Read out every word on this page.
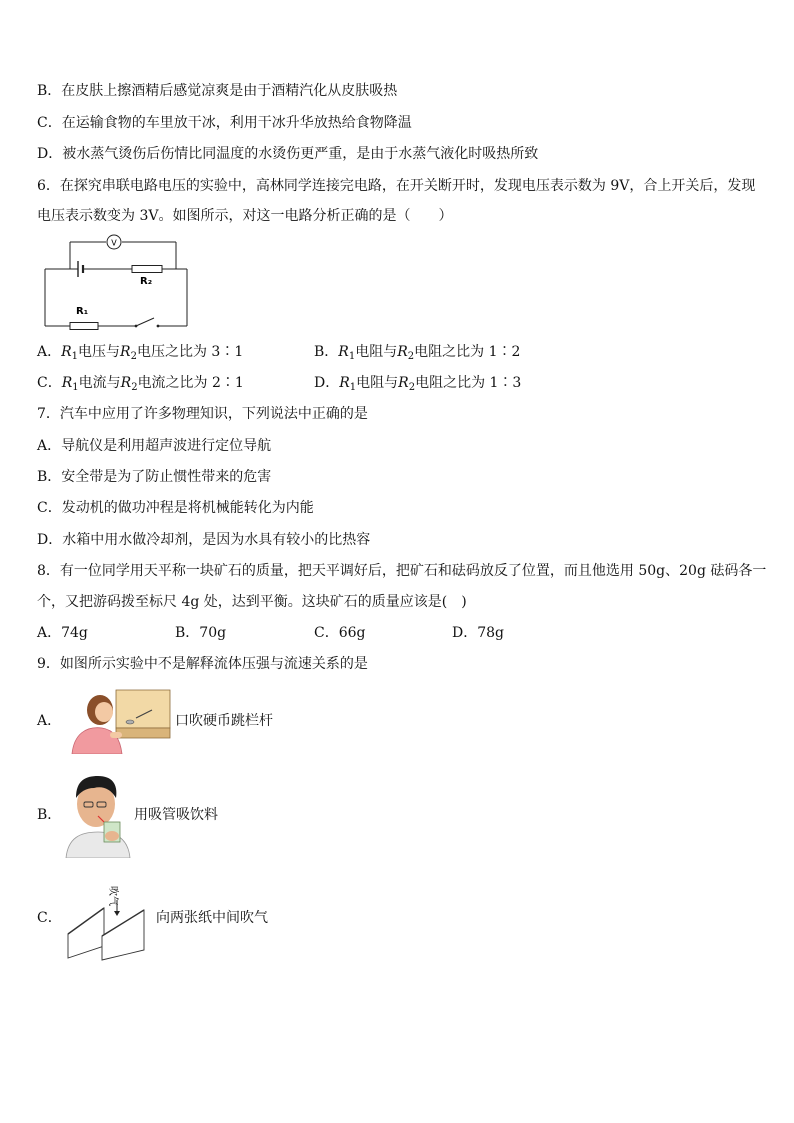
B．在皮肤上擦酒精后感觉凉爽是由于酒精汽化从皮肤吸热
C．在运输食物的车里放干冰，利用干冰升华放热给食物降温
D．被水蒸气烫伤后伤情比同温度的水烫伤更严重，是由于水蒸气液化时吸热所致
6．在探究串联电路电压的实验中，高林同学连接完电路，在开关断开时，发现电压表示数为 9V，合上开关后，发现
电压表示数变为 3V。如图所示，对这一电路分析正确的是（　　）
V
R₂
R₁
A．$R_1$电压与$R_2$电压之比为 3∶1	B．$R_1$电阻与$R_2$电阻之比为 1∶2
C．$R_1$电流与$R_2$电流之比为 2∶1	D．$R_1$电阻与$R_2$电阻之比为 1∶3
7．汽车中应用了许多物理知识，下列说法中正确的是
A．导航仪是利用超声波进行定位导航
B．安全带是为了防止惯性带来的危害
C．发动机的做功冲程是将机械能转化为内能
D．水箱中用水做冷却剂，是因为水具有较小的比热容
8．有一位同学用天平称一块矿石的质量，把天平调好后，把矿石和砝码放反了位置，而且他选用 50g、20g 砝码各一
个，又把游码拨至标尺 4g 处，达到平衡。这块矿石的质量应该是(　)
A．74g	B．70g	C．66g	D．78g
9．如图所示实验中不是解释流体压强与流速关系的是
A．	口吹硬币跳栏杆
B．	用吸管吸饮料
C．
吹气
向两张纸中间吹气
